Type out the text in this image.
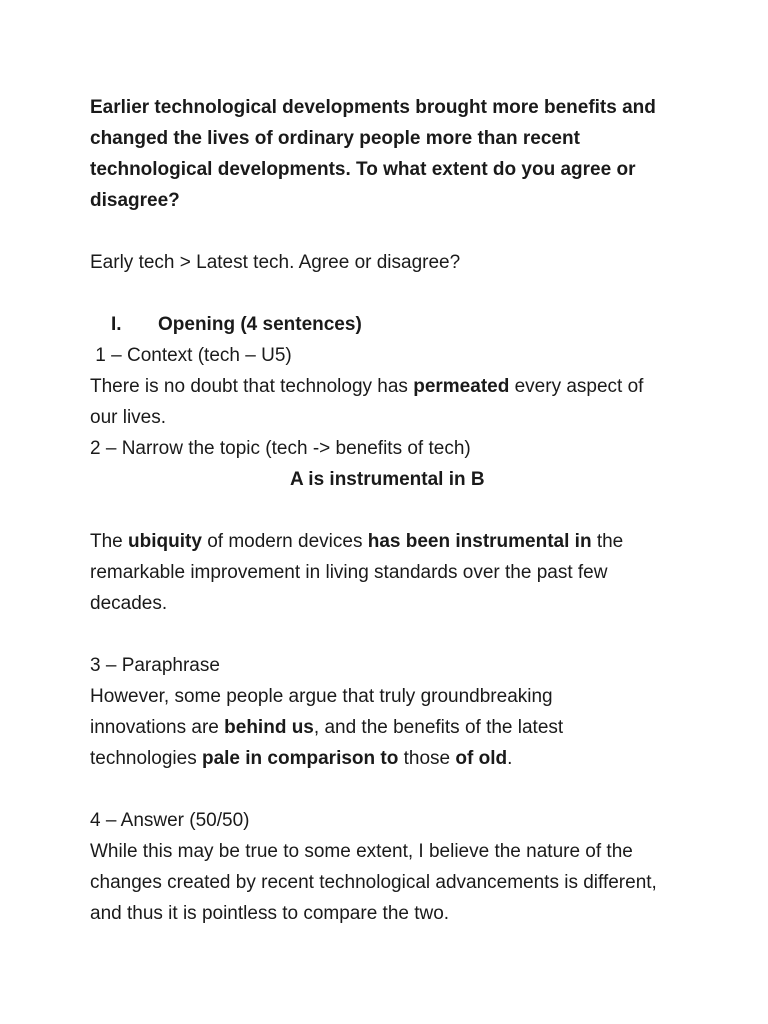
Earlier technological developments brought more benefits and

changed the lives of ordinary people more than recent

technological developments. To what extent do you agree or

disagree?

Early tech > Latest tech. Agree or disagree?

I. Opening (4 sentences)

1 – Context (tech – U5)

There is no doubt that technology has permeated every aspect of

our lives.

2 – Narrow the topic (tech -> benefits of tech)

A is instrumental in B

The ubiquity of modern devices has been instrumental in the

remarkable improvement in living standards over the past few

decades.

3 – Paraphrase

However, some people argue that truly groundbreaking

innovations are behind us, and the benefits of the latest

technologies pale in comparison to those of old.

4 – Answer (50/50)

While this may be true to some extent, I believe the nature of the

changes created by recent technological advancements is different,

and thus it is pointless to compare the two.
